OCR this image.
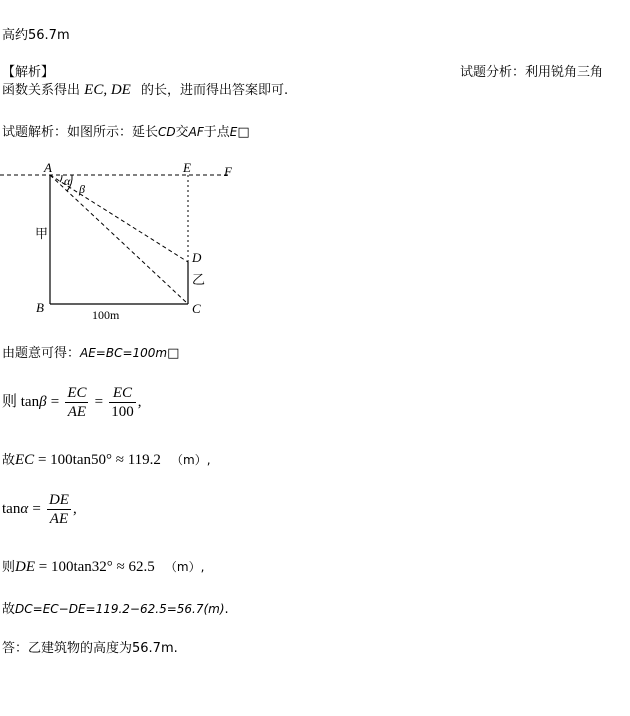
高约56.7m
【解析】	试题分析：利用锐角三角
函数关系得出 EC, DE 的长，进而得出答案即可.
试题解析：如图所示：延长CD交AF于点E□
A	E	F
D
B	C
α
β
甲
乙
100m
由题意可得：AE=BC=100m□
则 $\tan\beta = \frac{EC}{AE} = \frac{EC}{100}$ ,
故EC = 100tan50° ≈ 119.2 （m）,
$\tan\alpha = \frac{DE}{AE}$ ,
则DE = 100tan32° ≈ 62.5 （m）,
故DC=EC−DE=119.2−62.5=56.7(m).
答：乙建筑物的高度为56.7m.
